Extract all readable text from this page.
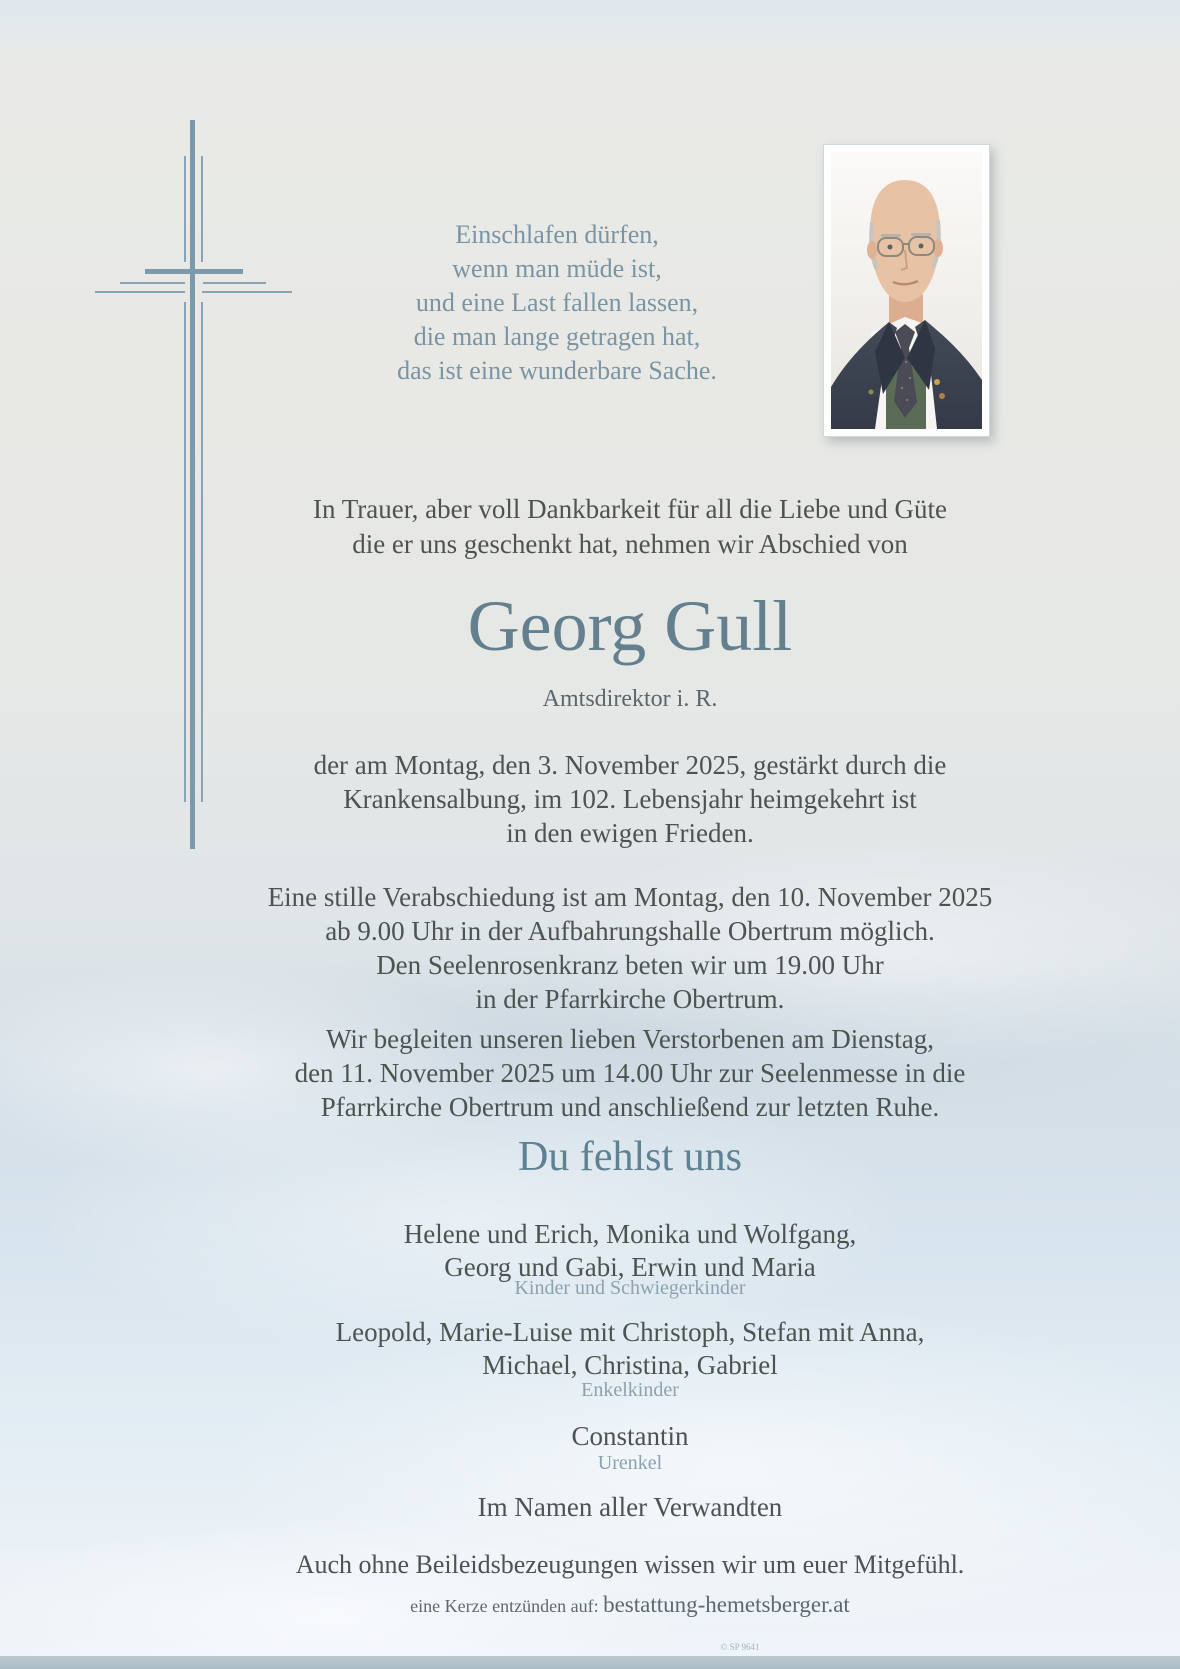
Einschlafen dürfen,
wenn man müde ist,
und eine Last fallen lassen,
die man lange getragen hat,
das ist eine wunderbare Sache.
In Trauer, aber voll Dankbarkeit für all die Liebe und Güte
die er uns geschenkt hat, nehmen wir Abschied von
Georg Gull
Amtsdirektor i. R.
der am Montag, den 3. November 2025, gestärkt durch die
Krankensalbung, im 102. Lebensjahr heimgekehrt ist
in den ewigen Frieden.
Eine stille Verabschiedung ist am Montag, den 10. November 2025
ab 9.00 Uhr in der Aufbahrungshalle Obertrum möglich.
Den Seelenrosenkranz beten wir um 19.00 Uhr
in der Pfarrkirche Obertrum.
Wir begleiten unseren lieben Verstorbenen am Dienstag,
den 11. November 2025 um 14.00 Uhr zur Seelenmesse in die
Pfarrkirche Obertrum und anschließend zur letzten Ruhe.
Du fehlst uns
Helene und Erich, Monika und Wolfgang,
Georg und Gabi, Erwin und Maria
Kinder und Schwiegerkinder
Leopold, Marie-Luise mit Christoph, Stefan mit Anna,
Michael, Christina, Gabriel
Enkelkinder
Constantin
Urenkel
Im Namen aller Verwandten
Auch ohne Beileidsbezeugungen wissen wir um euer Mitgefühl.
eine Kerze entzünden auf: bestattung-hemetsberger.at
© SP 9641
